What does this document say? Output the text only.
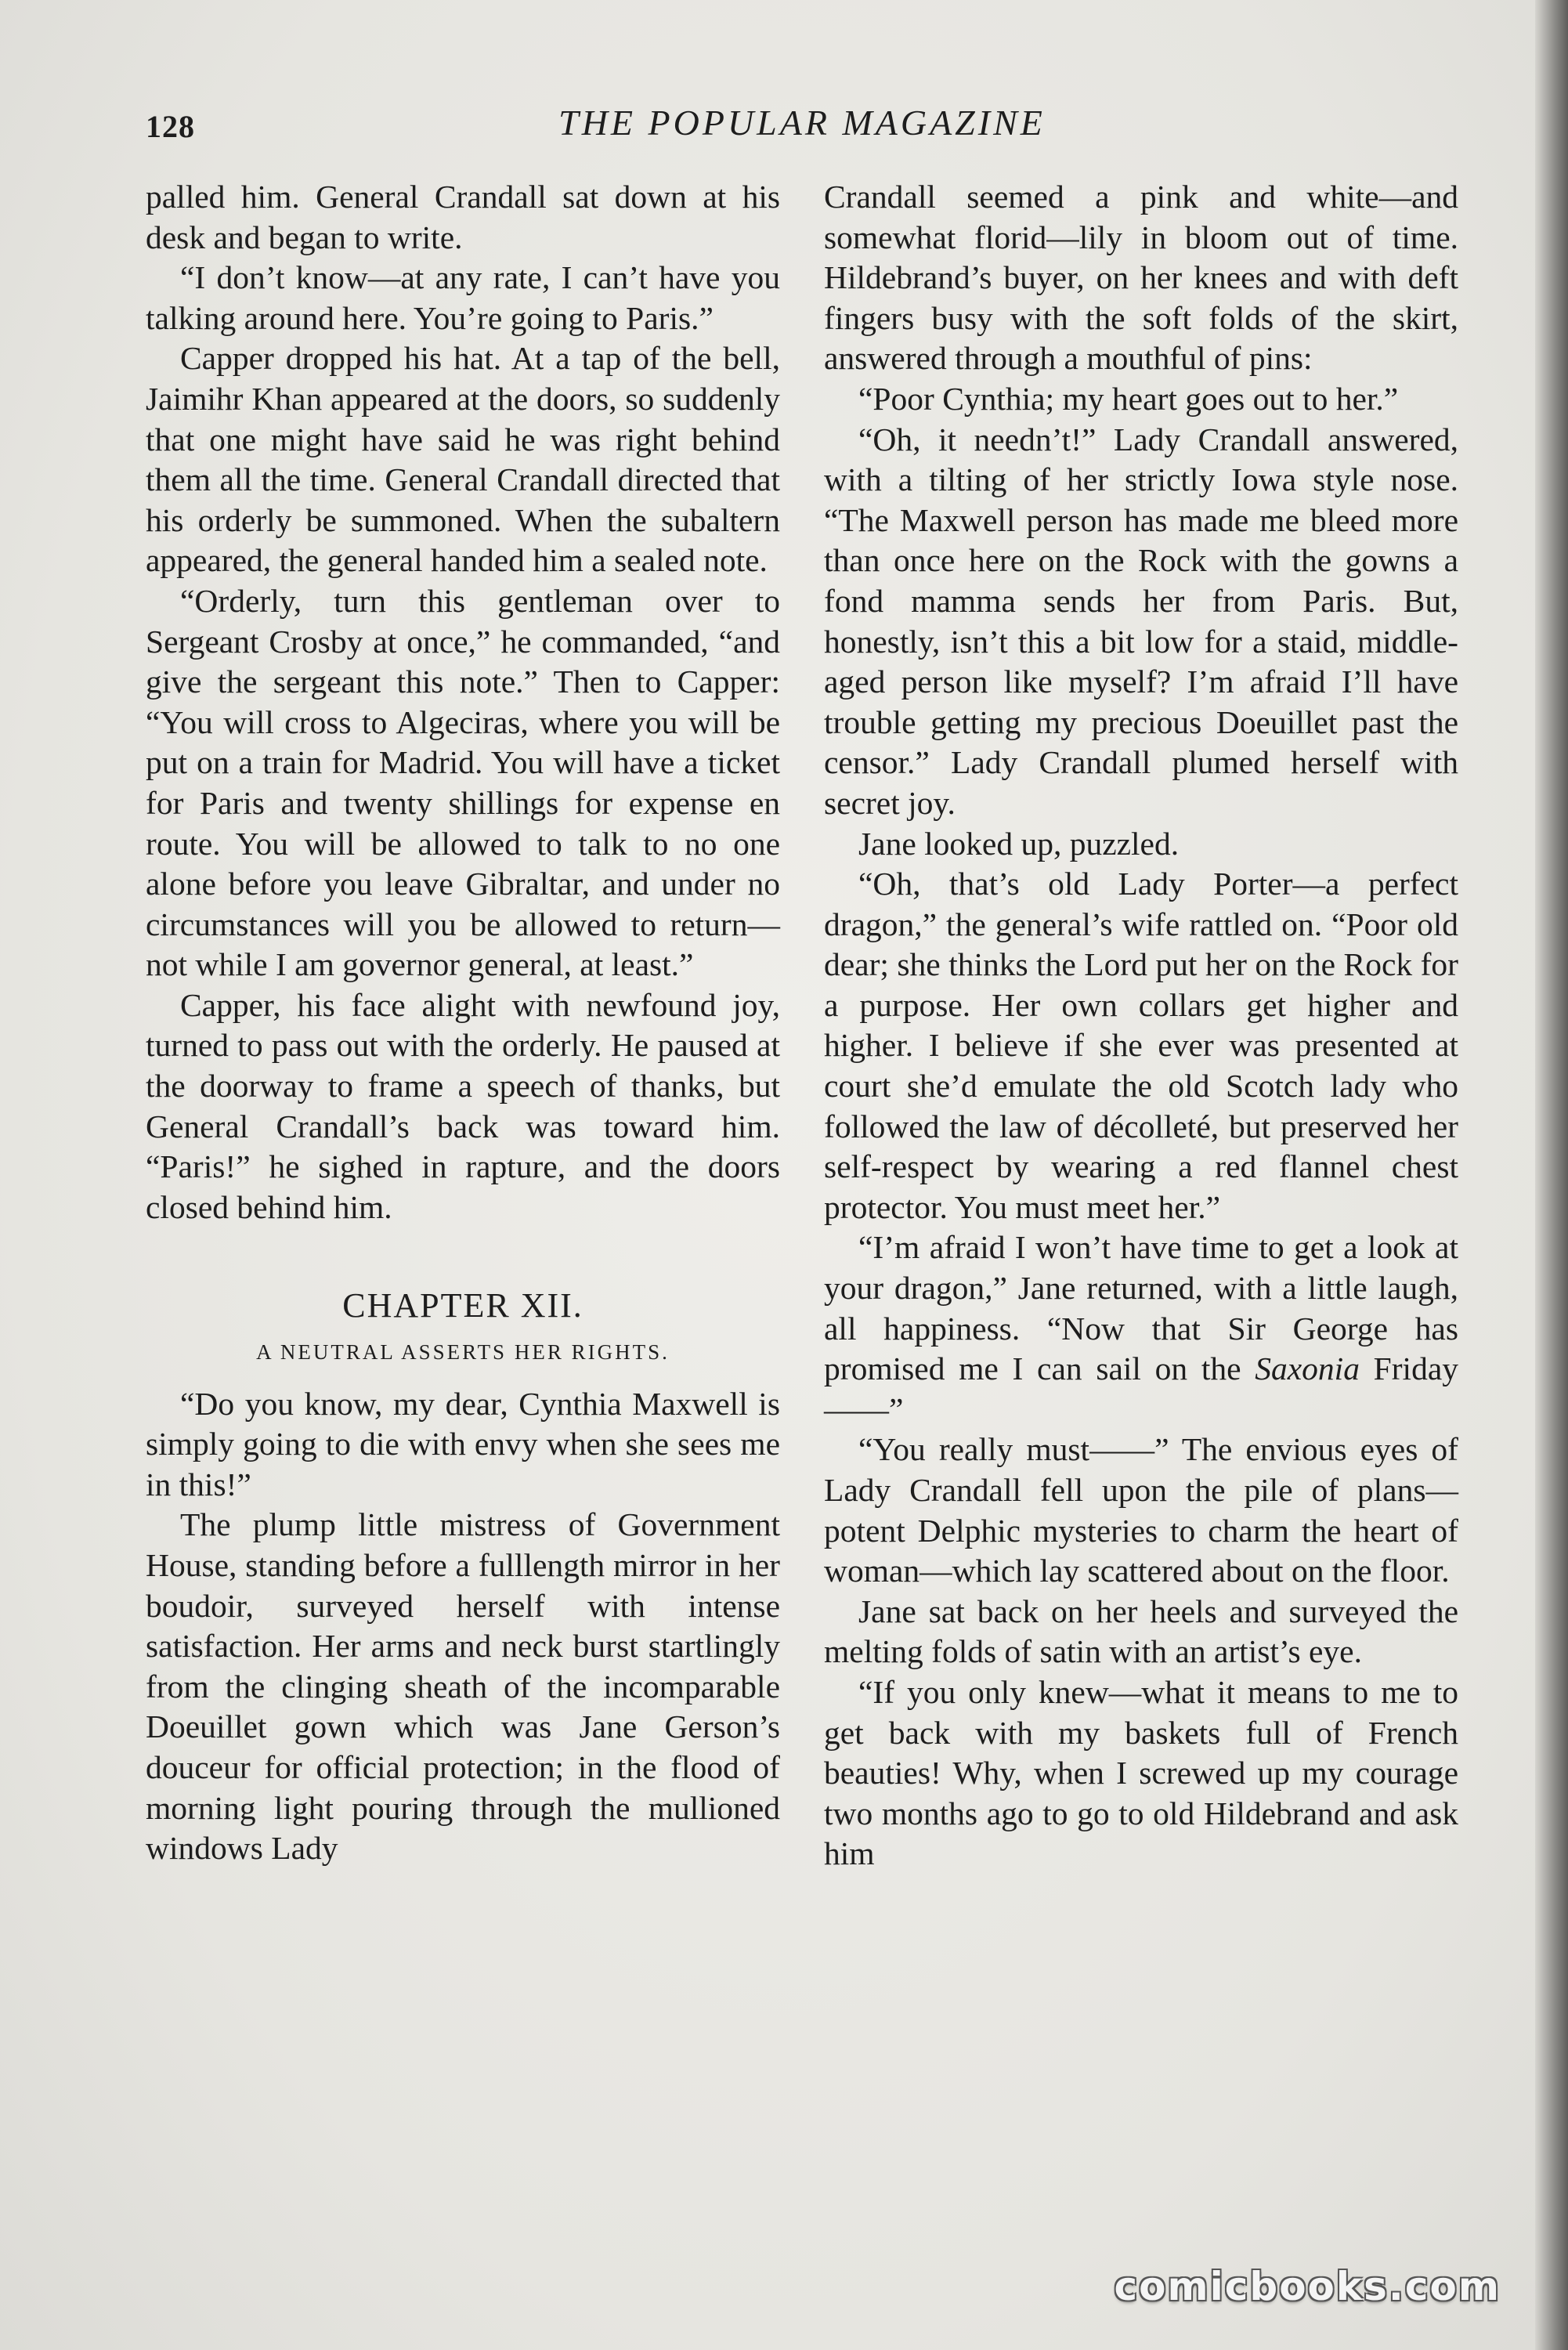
128	THE POPULAR MAGAZINE

palled him. General Crandall sat down at his desk and began to write.

“I don’t know—at any rate, I can’t have you talking around here. You’re going to Paris.”

Capper dropped his hat. At a tap of the bell, Jaimihr Khan appeared at the doors, so suddenly that one might have said he was right behind them all the time. General Crandall directed that his orderly be summoned. When the subaltern appeared, the general handed him a sealed note.

“Orderly, turn this gentleman over to Sergeant Crosby at once,” he commanded, “and give the sergeant this note.” Then to Capper: “You will cross to Algeciras, where you will be put on a train for Madrid. You will have a ticket for Paris and twenty shillings for expense en route. You will be allowed to talk to no one alone before you leave Gibraltar, and under no circumstances will you be allowed to return—not while I am governor general, at least.”

Capper, his face alight with newfound joy, turned to pass out with the orderly. He paused at the doorway to frame a speech of thanks, but General Crandall’s back was toward him. “Paris!” he sighed in rapture, and the doors closed behind him.

CHAPTER XII.
A NEUTRAL ASSERTS HER RIGHTS.

“Do you know, my dear, Cynthia Maxwell is simply going to die with envy when she sees me in this!”

The plump little mistress of Government House, standing before a fulllength mirror in her boudoir, surveyed herself with intense satisfaction. Her arms and neck burst startlingly from the clinging sheath of the incomparable Doeuillet gown which was Jane Gerson’s douceur for official protection; in the flood of morning light pouring through the mullioned windows Lady

Crandall seemed a pink and white—and somewhat florid—lily in bloom out of time. Hildebrand’s buyer, on her knees and with deft fingers busy with the soft folds of the skirt, answered through a mouthful of pins:

“Poor Cynthia; my heart goes out to her.”

“Oh, it needn’t!” Lady Crandall answered, with a tilting of her strictly Iowa style nose. “The Maxwell person has made me bleed more than once here on the Rock with the gowns a fond mamma sends her from Paris. But, honestly, isn’t this a bit low for a staid, middle-aged person like myself? I’m afraid I’ll have trouble getting my precious Doeuillet past the censor.” Lady Crandall plumed herself with secret joy.

Jane looked up, puzzled.

“Oh, that’s old Lady Porter—a perfect dragon,” the general’s wife rattled on. “Poor old dear; she thinks the Lord put her on the Rock for a purpose. Her own collars get higher and higher. I believe if she ever was presented at court she’d emulate the old Scotch lady who followed the law of décolleté, but preserved her self-respect by wearing a red flannel chest protector. You must meet her.”

“I’m afraid I won’t have time to get a look at your dragon,” Jane returned, with a little laugh, all happiness. “Now that Sir George has promised me I can sail on the Saxonia Friday——”

“You really must——” The envious eyes of Lady Crandall fell upon the pile of plans—potent Delphic mysteries to charm the heart of woman—which lay scattered about on the floor.

Jane sat back on her heels and surveyed the melting folds of satin with an artist’s eye.

“If you only knew—what it means to me to get back with my baskets full of French beauties! Why, when I screwed up my courage two months ago to go to old Hildebrand and ask him

comicbooks.com
